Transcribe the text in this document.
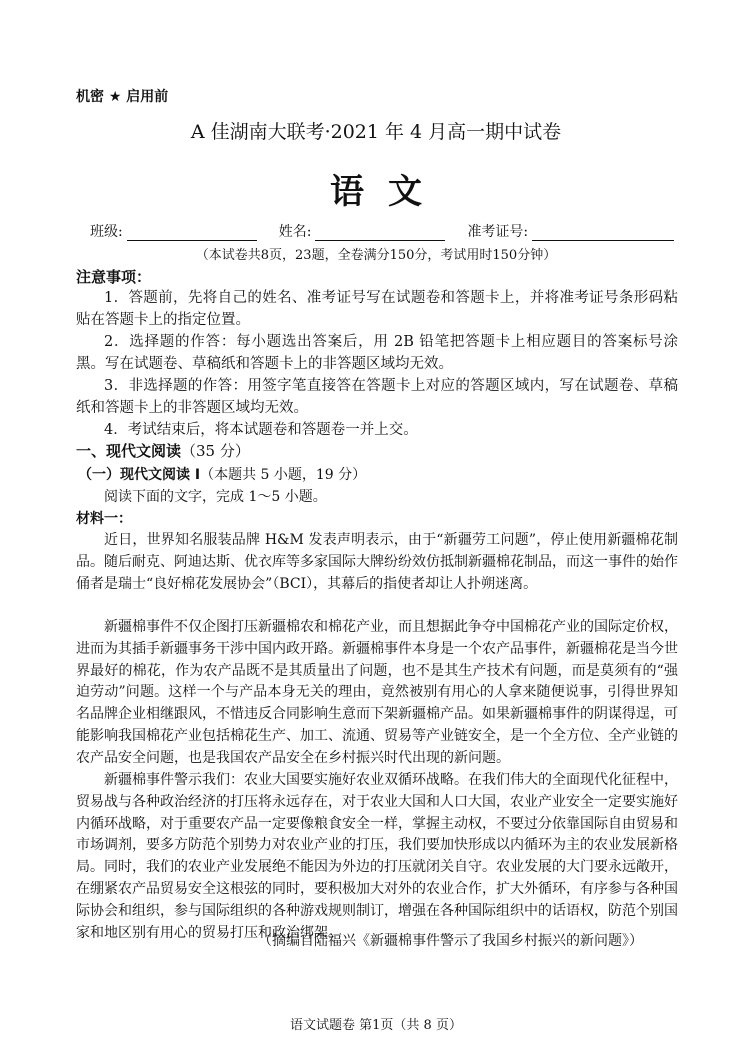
机密 ★ 启用前
A 佳湖南大联考·2021 年 4 月高一期中试卷
语文
班级:	姓名:	准考证号:
（本试卷共8页，23题，全卷满分150分，考试用时150分钟）
注意事项：
1．答题前，先将自己的姓名、准考证号写在试题卷和答题卡上，并将准考证号条形码粘贴在答题卡上的指定位置。
2．选择题的作答：每小题选出答案后，用 2B 铅笔把答题卡上相应题目的答案标号涂黑。写在试题卷、草稿纸和答题卡上的非答题区域均无效。
3．非选择题的作答：用签字笔直接答在答题卡上对应的答题区域内，写在试题卷、草稿纸和答题卡上的非答题区域均无效。
4．考试结束后，将本试题卷和答题卷一并上交。
一、现代文阅读（35 分）
（一）现代文阅读 I（本题共 5 小题，19 分）
阅读下面的文字，完成 1～5 小题。
材料一：
近日，世界知名服装品牌 H&M 发表声明表示，由于“新疆劳工问题”，停止使用新疆棉花制品。随后耐克、阿迪达斯、优衣库等多家国际大牌纷纷效仿抵制新疆棉花制品，而这一事件的始作俑者是瑞士“良好棉花发展协会”（BCI），其幕后的指使者却让人扑朔迷离。
新疆棉事件不仅企图打压新疆棉农和棉花产业，而且想据此争夺中国棉花产业的国际定价权，进而为其插手新疆事务干涉中国内政开路。新疆棉事件本身是一个农产品事件，新疆棉花是当今世界最好的棉花，作为农产品既不是其质量出了问题，也不是其生产技术有问题，而是莫须有的“强迫劳动”问题。这样一个与产品本身无关的理由，竟然被别有用心的人拿来随便说事，引得世界知名品牌企业相继跟风，不惜违反合同影响生意而下架新疆棉产品。如果新疆棉事件的阴谋得逞，可能影响我国棉花产业包括棉花生产、加工、流通、贸易等产业链安全，是一个全方位、全产业链的农产品安全问题，也是我国农产品安全在乡村振兴时代出现的新问题。
新疆棉事件警示我们：农业大国要实施好农业双循环战略。在我们伟大的全面现代化征程中，贸易战与各种政治经济的打压将永远存在，对于农业大国和人口大国，农业产业安全一定要实施好内循环战略，对于重要农产品一定要像粮食安全一样，掌握主动权，不要过分依靠国际自由贸易和市场调剂，要多方防范个别势力对农业产业的打压，我们要加快形成以内循环为主的农业发展新格局。同时，我们的农业产业发展绝不能因为外边的打压就闭关自守。农业发展的大门要永远敞开，在绷紧农产品贸易安全这根弦的同时，要积极加大对外的农业合作，扩大外循环，有序参与各种国际协会和组织，参与国际组织的各种游戏规则制订，增强在各种国际组织中的话语权，防范个别国家和地区别有用心的贸易打压和政治绑架。
（摘编自陆福兴《新疆棉事件警示了我国乡村振兴的新问题》）
语文试题卷 第1页（共 8 页）
